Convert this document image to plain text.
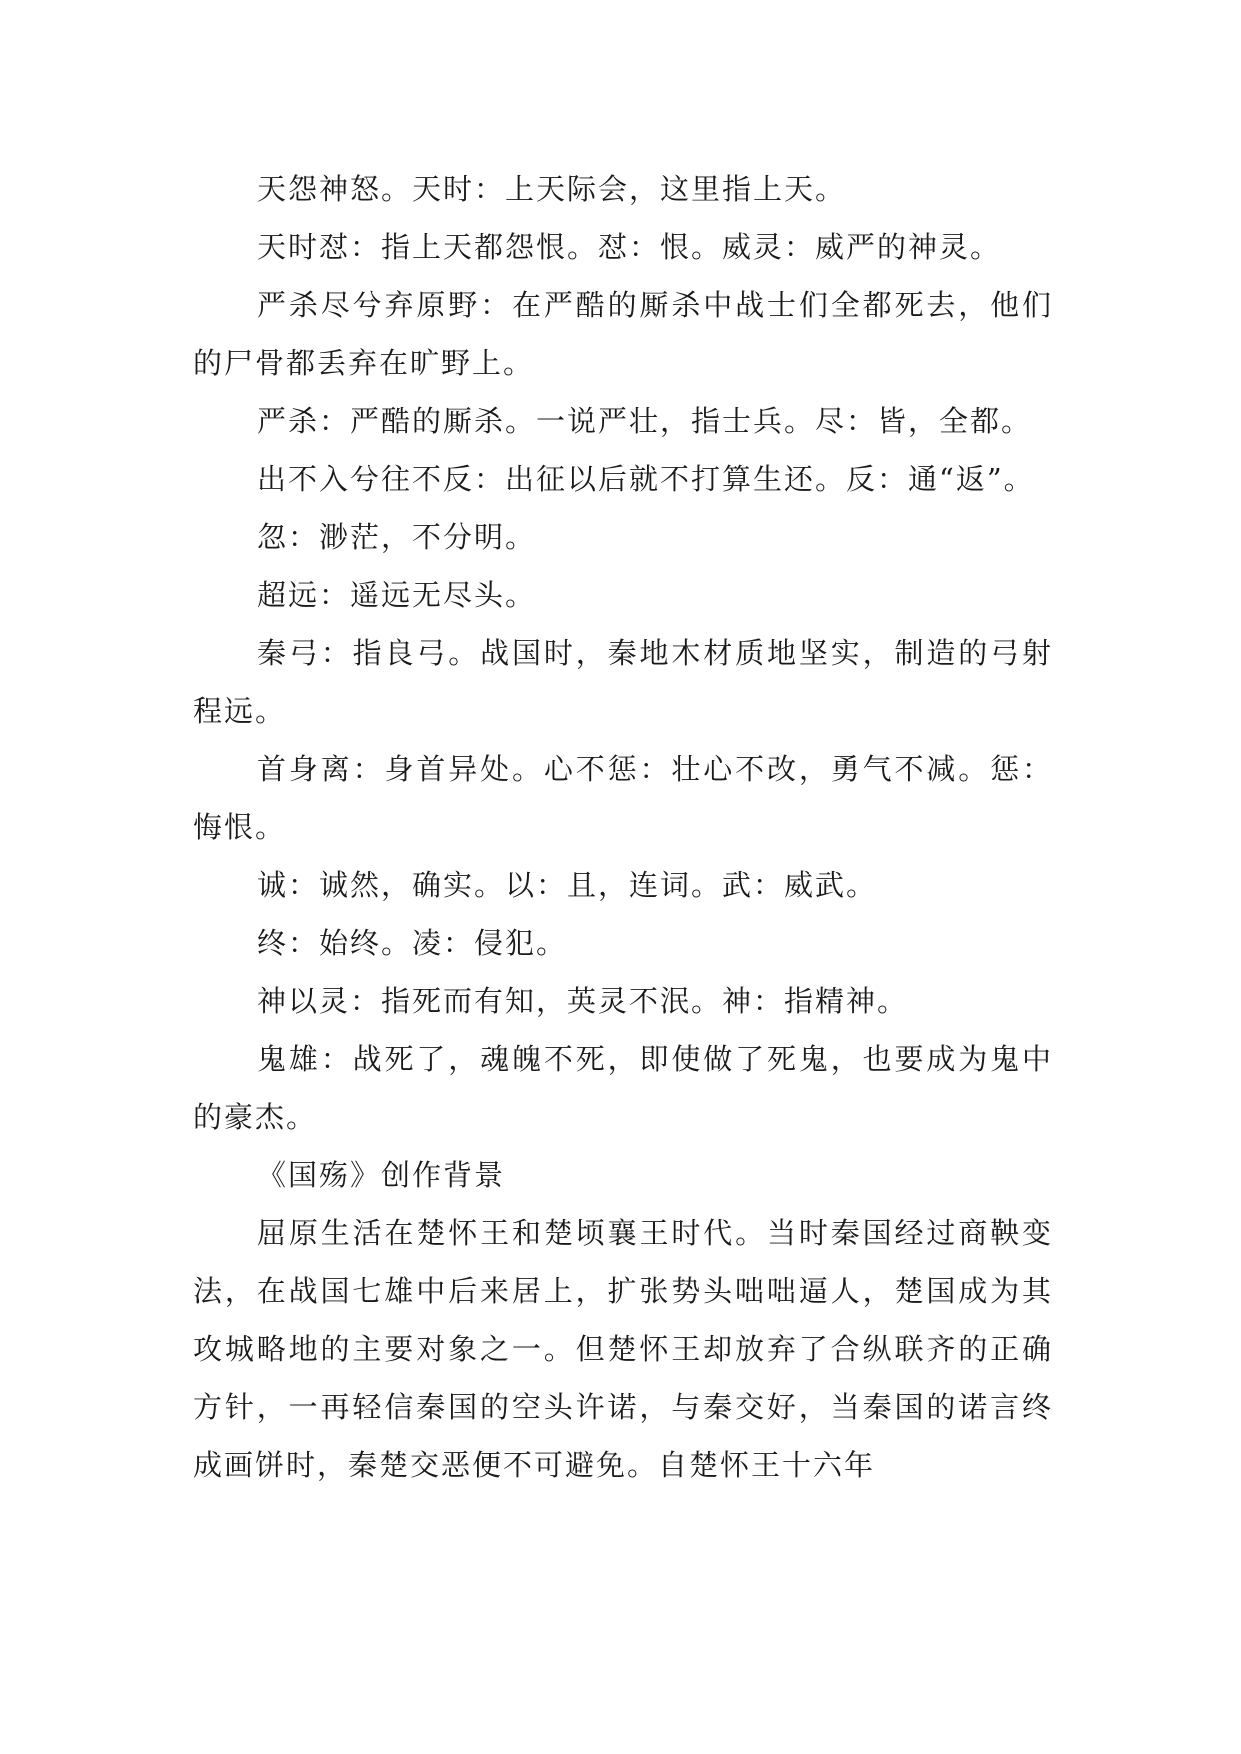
天怨神怒。天时：上天际会，这里指上天。

天时怼：指上天都怨恨。怼：恨。威灵：威严的神灵。

严杀尽兮弃原野：在严酷的厮杀中战士们全都死去，他们的尸骨都丢弃在旷野上。

严杀：严酷的厮杀。一说严壮，指士兵。尽：皆，全都。

出不入兮往不反：出征以后就不打算生还。反：通“返”。

忽：渺茫，不分明。

超远：遥远无尽头。

秦弓：指良弓。战国时，秦地木材质地坚实，制造的弓射程远。

首身离：身首异处。心不惩：壮心不改，勇气不减。惩：悔恨。

诚：诚然，确实。以：且，连词。武：威武。

终：始终。凌：侵犯。

神以灵：指死而有知，英灵不泯。神：指精神。

鬼雄：战死了，魂魄不死，即使做了死鬼，也要成为鬼中的豪杰。

《国殇》创作背景

屈原生活在楚怀王和楚顷襄王时代。当时秦国经过商鞅变法，在战国七雄中后来居上，扩张势头咄咄逼人，楚国成为其攻城略地的主要对象之一。但楚怀王却放弃了合纵联齐的正确方针，一再轻信秦国的空头许诺，与秦交好，当秦国的诺言终成画饼时，秦楚交恶便不可避免。自楚怀王十六年
